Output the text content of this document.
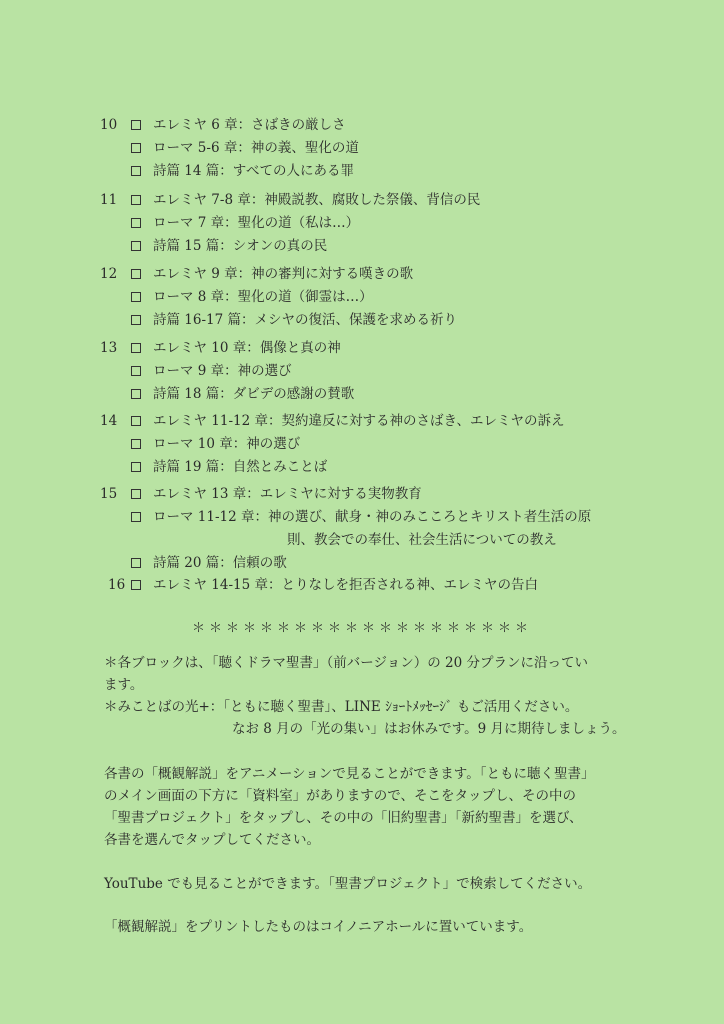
10	エレミヤ 6 章：さばきの厳しさ
ローマ 5-6 章：神の義、聖化の道
詩篇 14 篇：すべての人にある罪
11	エレミヤ 7-8 章：神殿説教、腐敗した祭儀、背信の民
ローマ 7 章：聖化の道（私は…）
詩篇 15 篇：シオンの真の民
12	エレミヤ 9 章：神の審判に対する嘆きの歌
ローマ 8 章：聖化の道（御霊は…）
詩篇 16-17 篇：メシヤの復活、保護を求める祈り
13	エレミヤ 10 章：偶像と真の神
ローマ 9 章：神の選び
詩篇 18 篇：ダビデの感謝の賛歌
14	エレミヤ 11-12 章：契約違反に対する神のさばき、エレミヤの訴え
ローマ 10 章：神の選び
詩篇 19 篇：自然とみことば
15	エレミヤ 13 章：エレミヤに対する実物教育
ローマ 11-12 章：神の選び、献身・神のみこころとキリスト者生活の原
則、教会での奉仕、社会生活についての教え
詩篇 20 篇：信頼の歌
16	エレミヤ 14-15 章：とりなしを拒否される神、エレミヤの告白
＊＊＊＊＊＊＊＊＊＊＊＊＊＊＊＊＊＊＊＊
＊各ブロックは、「聴くドラマ聖書」（前バージョン）の 20 分プランに沿ってい
ます。
＊みことばの光+：「ともに聴く聖書」、LINE ｼｮｰﾄﾒｯｾｰｼﾞ もご活用ください。
なお 8 月の「光の集い」はお休みです。9 月に期待しましょう。
各書の「概観解説」をアニメーションで見ることができます。「ともに聴く聖書」
のメイン画面の下方に「資料室」がありますので、そこをタップし、その中の
「聖書プロジェクト」をタップし、その中の「旧約聖書」「新約聖書」を選び、
各書を選んでタップしてください。
YouTube でも見ることができます。「聖書プロジェクト」で検索してください。
「概観解説」をプリントしたものはコイノニアホールに置いています。
